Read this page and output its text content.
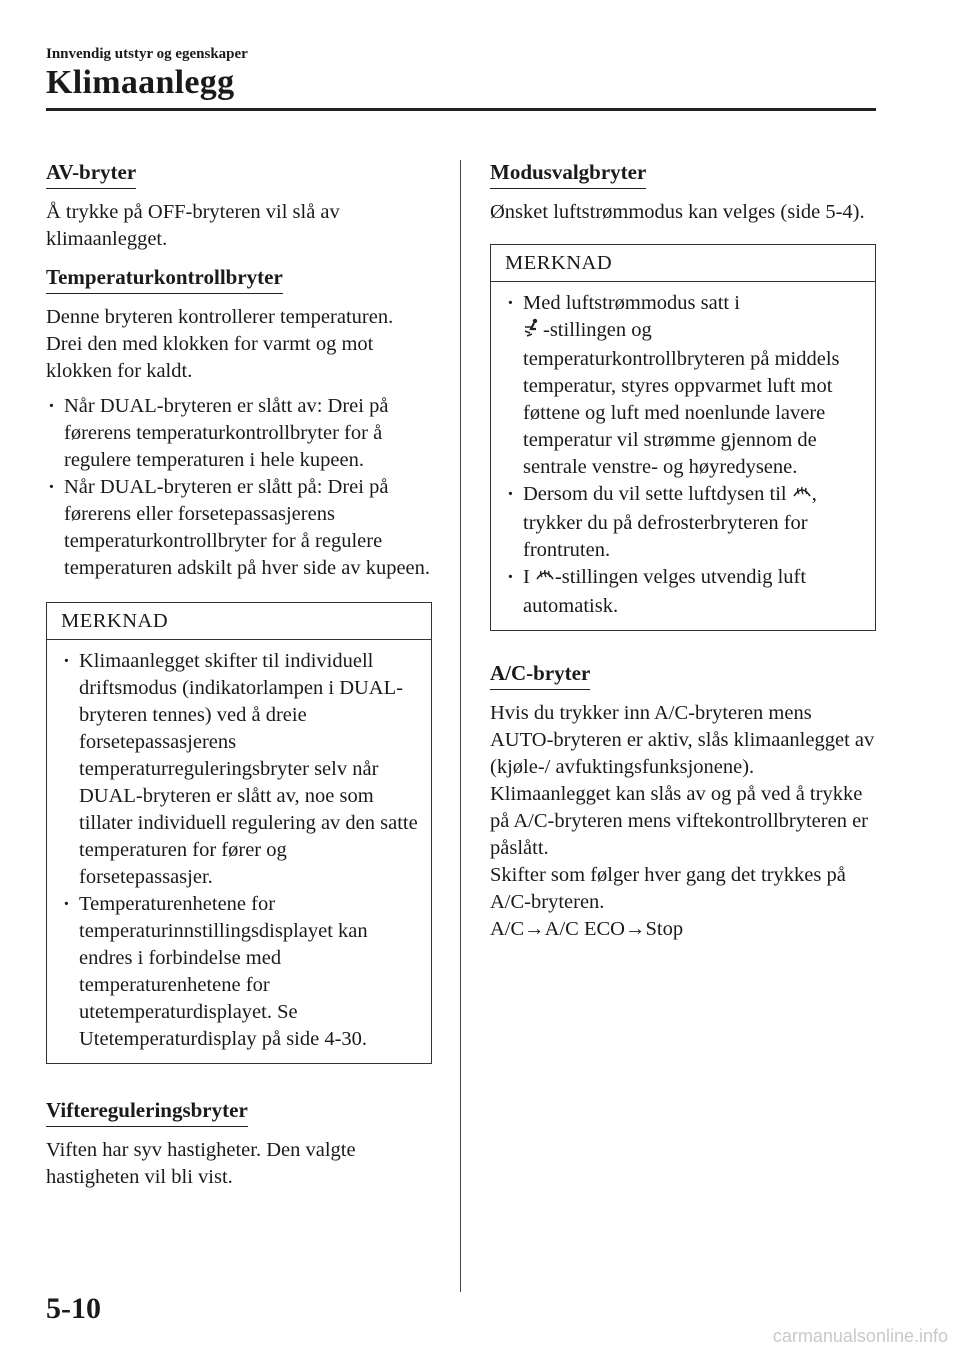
Innvendig utstyr og egenskaper
Klimaanlegg
AV-bryter

Å trykke på OFF-bryteren vil slå av klimaanlegget.

Temperaturkontrollbryter

Denne bryteren kontrollerer temperaturen. Drei den med klokken for varmt og mot klokken for kaldt.

· Når DUAL-bryteren er slått av: Drei på førerens temperaturkontrollbryter for å regulere temperaturen i hele kupeen.
· Når DUAL-bryteren er slått på: Drei på førerens eller forsetepassasjerens temperaturkontrollbryter for å regulere temperaturen adskilt på hver side av kupeen.
MERKNAD
· Klimaanlegget skifter til individuell driftsmodus (indikatorlampen i DUAL-bryteren tennes) ved å dreie forsetepassasjerens temperaturreguleringsbryter selv når DUAL-bryteren er slått av, noe som tillater individuell regulering av den satte temperaturen for fører og forsetepassasjer.
· Temperaturenhetene for temperaturinnstillingsdisplayet kan endres i forbindelse med temperaturenhetene for utetemperaturdisplayet. Se Utetemperaturdisplay på side 4-30.
Viftereguleringsbryter

Viften har syv hastigheter. Den valgte hastigheten vil bli vist.

Modusvalgbryter

Ønsket luftstrømmodus kan velges (side 5-4).

MERKNAD
· Med luftstrømmodus satt i
-stillingen og temperaturkontrollbryteren på middels temperatur, styres oppvarmet luft mot føttene og luft med noenlunde lavere temperatur vil strømme gjennom de sentrale venstre- og høyredysene.
· Dersom du vil sette luftdysen til , trykker du på defrosterbryteren for frontruten.
· I -stillingen velges utvendig luft automatisk.
A/C-bryter

Hvis du trykker inn A/C-bryteren mens AUTO-bryteren er aktiv, slås klimaanlegget av (kjøle-/ avfuktingsfunksjonene).

Klimaanlegget kan slås av og på ved å trykke på A/C-bryteren mens viftekontrollbryteren er påslått.

Skifter som følger hver gang det trykkes på A/C-bryteren.

A/C→A/C ECO→Stop

5-10
carmanualsonline.info
